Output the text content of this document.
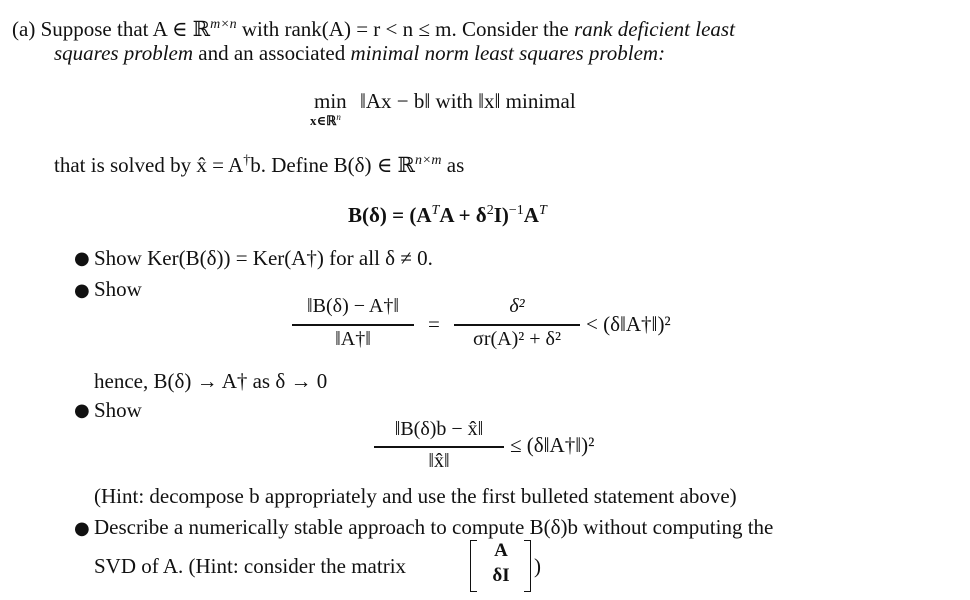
(a) Suppose that A ∈ ℝ$^{m\times n}$ with rank(A) = r < n ≤ m. Consider the rank deficient least
squares problem and an associated minimal norm least squares problem:
min
x∈ℝ$^n$
‖Ax − b‖ with ‖x‖ minimal
that is solved by x̂ = A†b. Define B(δ) ∈ ℝ$^{n\times m}$ as
$B(\delta) = (A^TA + \delta^2I)^{-1}A^T$
● Show Ker(B(δ)) = Ker(A†) for all δ ≠ 0.
● Show
‖B(δ) − A†‖
‖A†‖
=
δ²
σr(A)² + δ²
< (δ‖A†‖)²
hence, B(δ) → A† as δ → 0
● Show
‖B(δ)b − x̂‖
‖x̂‖
≤ (δ‖A†‖)²
(Hint: decompose b appropriately and use the first bulleted statement above)
● Describe a numerically stable approach to compute B(δ)b without computing the
SVD of A. (Hint: consider the matrix
A
δI	)
